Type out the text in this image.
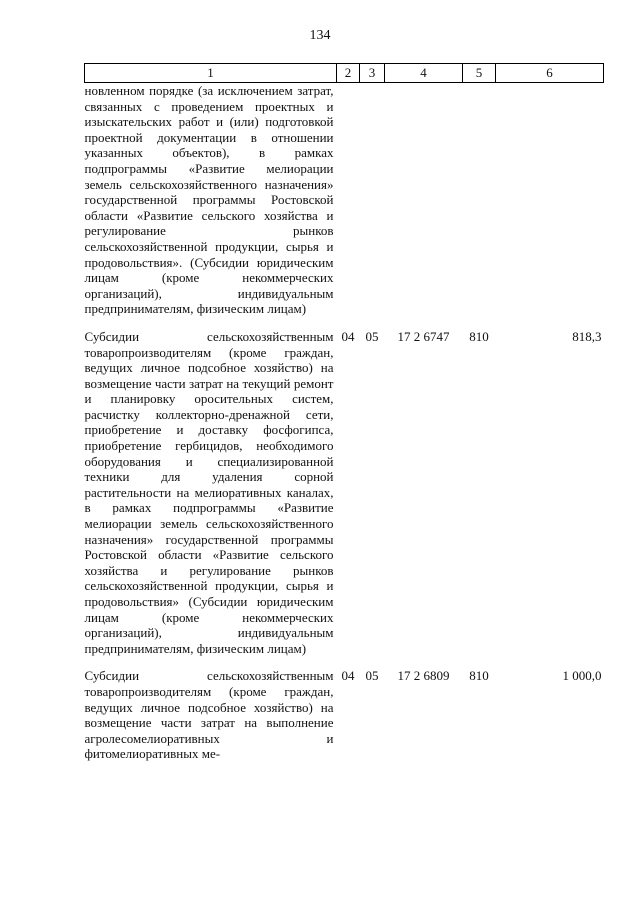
134
1	2	3	4	5	6
новленном порядке (за исключением затрат, связанных с проведением проектных и изыскательских работ и (или) подготовкой проектной документации в отношении указанных объектов), в рамках подпрограммы «Развитие мелиорации земель сельскохозяйственного назначения» государственной программы Ростовской области «Развитие сельского хозяйства и регулирование рынков сельскохозяйственной продукции, сырья и продовольствия». (Субсидии юридическим лицам (кроме некоммерческих организаций), индивидуальным предпринимателям, физическим лицам)					
Субсидии сельскохозяйственным товаропроизводителям (кроме граждан, ведущих личное подсобное хозяйство) на возмещение части затрат на текущий ремонт и планировку оросительных систем, расчистку коллекторно-дренажной сети, приобретение и доставку фосфогипса, приобретение гербицидов, необходимого оборудования и специализированной техники для удаления сорной растительности на мелиоративных каналах, в рамках подпрограммы «Развитие мелиорации земель сельскохозяйственного назначения» государственной программы Ростовской области «Развитие сельского хозяйства и регулирование рынков сельскохозяйственной продукции, сырья и продовольствия» (Субсидии юридическим лицам (кроме некоммерческих организаций), индивидуальным предпринимателям, физическим лицам)	04	05	17 2 6747	810	818,3
Субсидии сельскохозяйственным товаропроизводителям (кроме граждан, ведущих личное подсобное хозяйство) на возмещение части затрат на выполнение агролесомелиоративных и фитомелиоративных ме-	04	05	17 2 6809	810	1 000,0
